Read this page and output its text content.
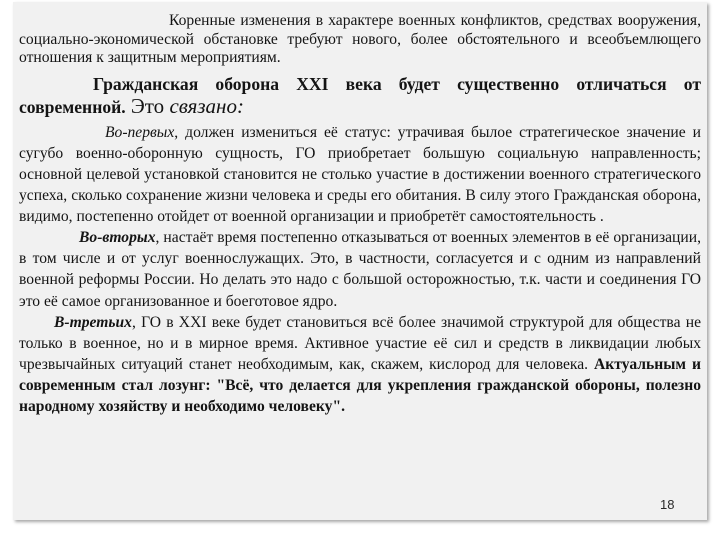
Коренные изменения в характере военных конфликтов, средствах вооружения, социально-экономической обстановке требуют нового, более обстоятельного и всеобъемлющего отношения к защитным мероприятиям.

Гражданская оборона XXI века будет существенно отличаться от современной. Это связано:

Во-первых, должен измениться её статус: утрачивая былое стратегическое значение и сугубо военно-оборонную сущность, ГО приобретает большую социальную направленность; основной целевой установкой становится не столько участие в достижении военного стратегического успеха, сколько сохранение жизни человека и среды его обитания. В силу этого Гражданская оборона, видимо, постепенно отойдет от военной организации и приобретёт самостоятельность .

Во-вторых, настаёт время постепенно отказываться от военных элементов в её организации, в том числе и от услуг военнослужащих. Это, в частности, согласуется и с одним из направлений военной реформы России. Но делать это надо с большой осторожностью, т.к. части и соединения ГО это её самое организованное и боеготовое ядро.

В-третьих, ГО в XXI веке будет становиться всё более значимой структурой для общества не только в военное, но и в мирное время. Активное участие её сил и средств в ликвидации любых чрезвычайных ситуаций станет необходимым, как, скажем, кислород для человека. Актуальным и современным стал лозунг: "Всё, что делается для укрепления гражданской обороны, полезно народному хозяйству и необходимо человеку".

18
